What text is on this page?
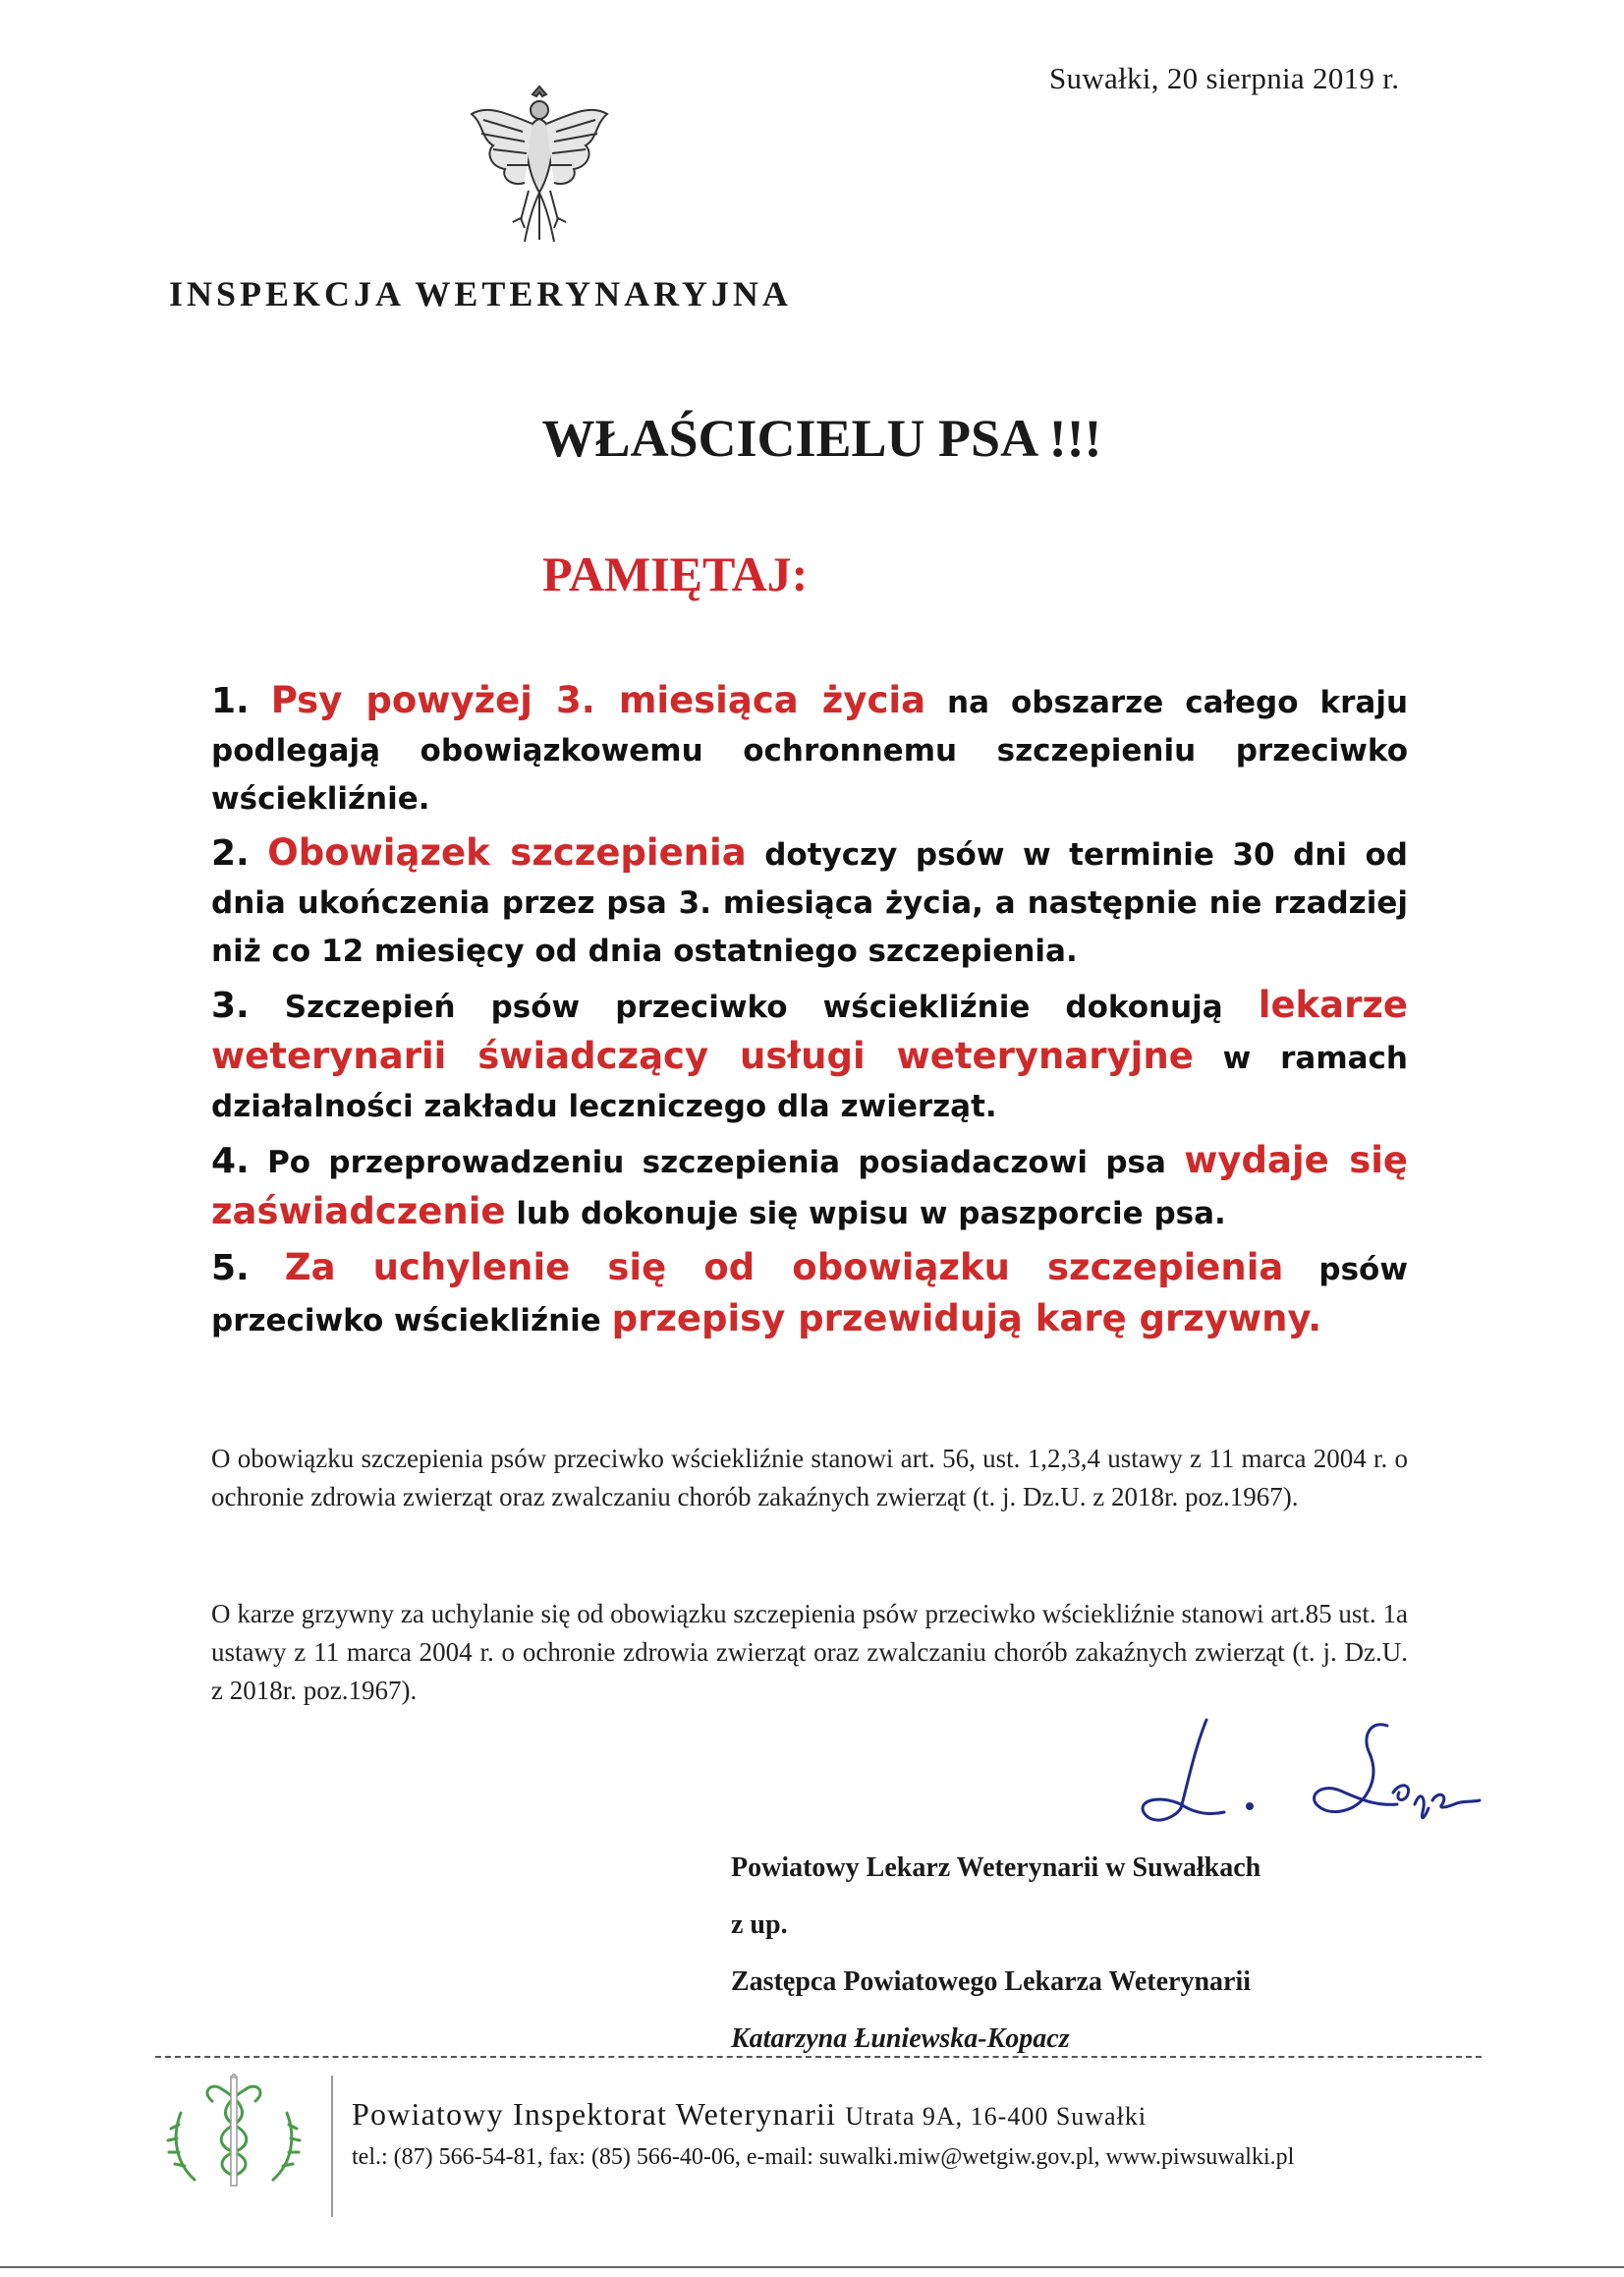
Suwałki, 20 sierpnia 2019 r.
INSPEKCJA WETERYNARYJNA
WŁAŚCICIELU PSA !!!
PAMIĘTAJ:

1. Psy powyżej 3. miesiąca życia na obszarze całego kraju podlegają obowiązkowemu ochronnemu szczepieniu przeciwko wściekliźnie.

2. Obowiązek szczepienia dotyczy psów w terminie 30 dni od dnia ukończenia przez psa 3. miesiąca życia, a następnie nie rzadziej niż co 12 miesięcy od dnia ostatniego szczepienia.

3. Szczepień psów przeciwko wściekliźnie dokonują lekarze weterynarii świadczący usługi weterynaryjne w ramach działalności zakładu leczniczego dla zwierząt.

4. Po przeprowadzeniu szczepienia posiadaczowi psa wydaje się zaświadczenie lub dokonuje się wpisu w paszporcie psa.

5. Za uchylenie się od obowiązku szczepienia psów przeciwko wściekliźnie przepisy przewidują karę grzywny.

O obowiązku szczepienia psów przeciwko wściekliźnie stanowi art. 56, ust. 1,2,3,4 ustawy z 11 marca 2004 r. o ochronie zdrowia zwierząt oraz zwalczaniu chorób zakaźnych zwierząt (t. j. Dz.U. z 2018r. poz.1967).
O karze grzywny za uchylanie się od obowiązku szczepienia psów przeciwko wściekliźnie stanowi art.85 ust. 1a ustawy z 11 marca 2004 r. o ochronie zdrowia zwierząt oraz zwalczaniu chorób zakaźnych zwierząt (t. j. Dz.U. z 2018r. poz.1967).
Powiatowy Lekarz Weterynarii w Suwałkach
z up.
Zastępca Powiatowego Lekarza Weterynarii
Katarzyna Łuniewska-Kopacz
Powiatowy Inspektorat Weterynarii Utrata 9A, 16-400 Suwałki
tel.: (87) 566-54-81, fax: (85) 566-40-06, e-mail: suwalki.miw@wetgiw.gov.pl, www.piwsuwalki.pl
